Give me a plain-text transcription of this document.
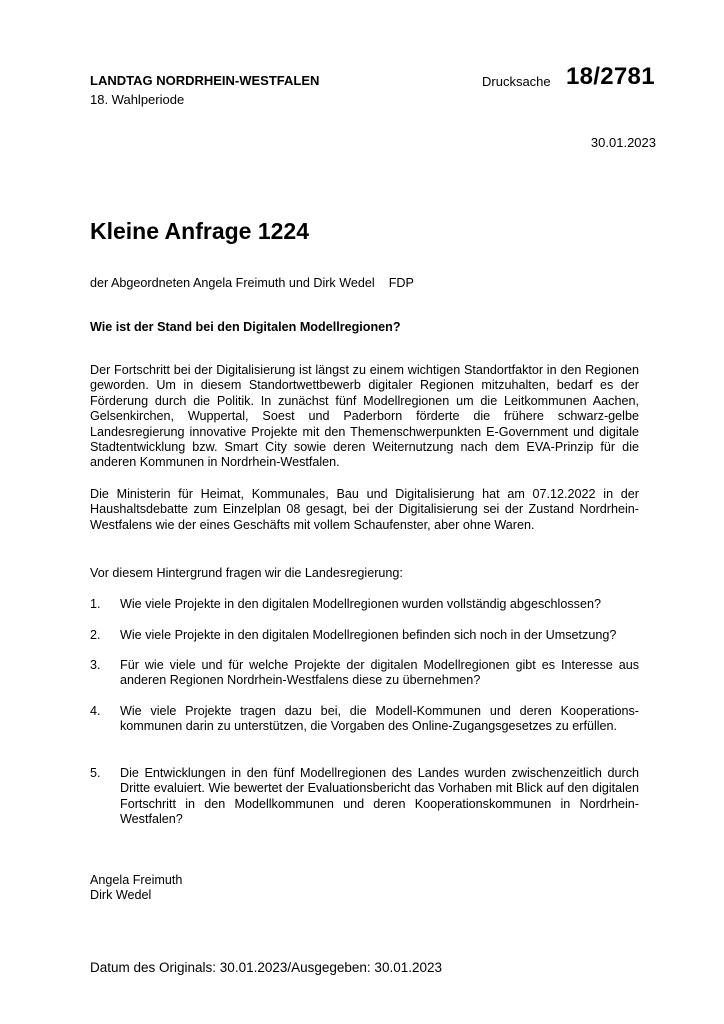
LANDTAG NORDRHEIN-WESTFALEN
18. Wahlperiode
Drucksache 18/2781
30.01.2023
Kleine Anfrage 1224
der Abgeordneten Angela Freimuth und Dirk Wedel FDP
Wie ist der Stand bei den Digitalen Modellregionen?
Der Fortschritt bei der Digitalisierung ist längst zu einem wichtigen Standortfaktor in den Regionen geworden. Um in diesem Standortwettbewerb digitaler Regionen mitzuhalten, bedarf es der Förderung durch die Politik. In zunächst fünf Modellregionen um die Leitkommunen Aachen, Gelsenkirchen, Wuppertal, Soest und Paderborn förderte die frühere schwarz-gelbe Landesregierung innovative Projekte mit den Themenschwerpunkten E-Government und digitale Stadtentwicklung bzw. Smart City sowie deren Weiternutzung nach dem EVA-Prinzip für die anderen Kommunen in Nordrhein-Westfalen.
Die Ministerin für Heimat, Kommunales, Bau und Digitalisierung hat am 07.12.2022 in der Haushaltsdebatte zum Einzelplan 08 gesagt, bei der Digitalisierung sei der Zustand Nordrhein-Westfalens wie der eines Geschäfts mit vollem Schaufenster, aber ohne Waren.
Vor diesem Hintergrund fragen wir die Landesregierung:
1. Wie viele Projekte in den digitalen Modellregionen wurden vollständig abgeschlossen?
2. Wie viele Projekte in den digitalen Modellregionen befinden sich noch in der Umsetzung?
3. Für wie viele und für welche Projekte der digitalen Modellregionen gibt es Interesse aus anderen Regionen Nordrhein-Westfalens diese zu übernehmen?
4. Wie viele Projekte tragen dazu bei, die Modell-Kommunen und deren Kooperations-kommunen darin zu unterstützen, die Vorgaben des Online-Zugangsgesetzes zu erfüllen.
5. Die Entwicklungen in den fünf Modellregionen des Landes wurden zwischenzeitlich durch Dritte evaluiert. Wie bewertet der Evaluationsbericht das Vorhaben mit Blick auf den digitalen Fortschritt in den Modellkommunen und deren Kooperationskommunen in Nordrhein-Westfalen?
Angela Freimuth
Dirk Wedel
Datum des Originals: 30.01.2023/Ausgegeben: 30.01.2023
